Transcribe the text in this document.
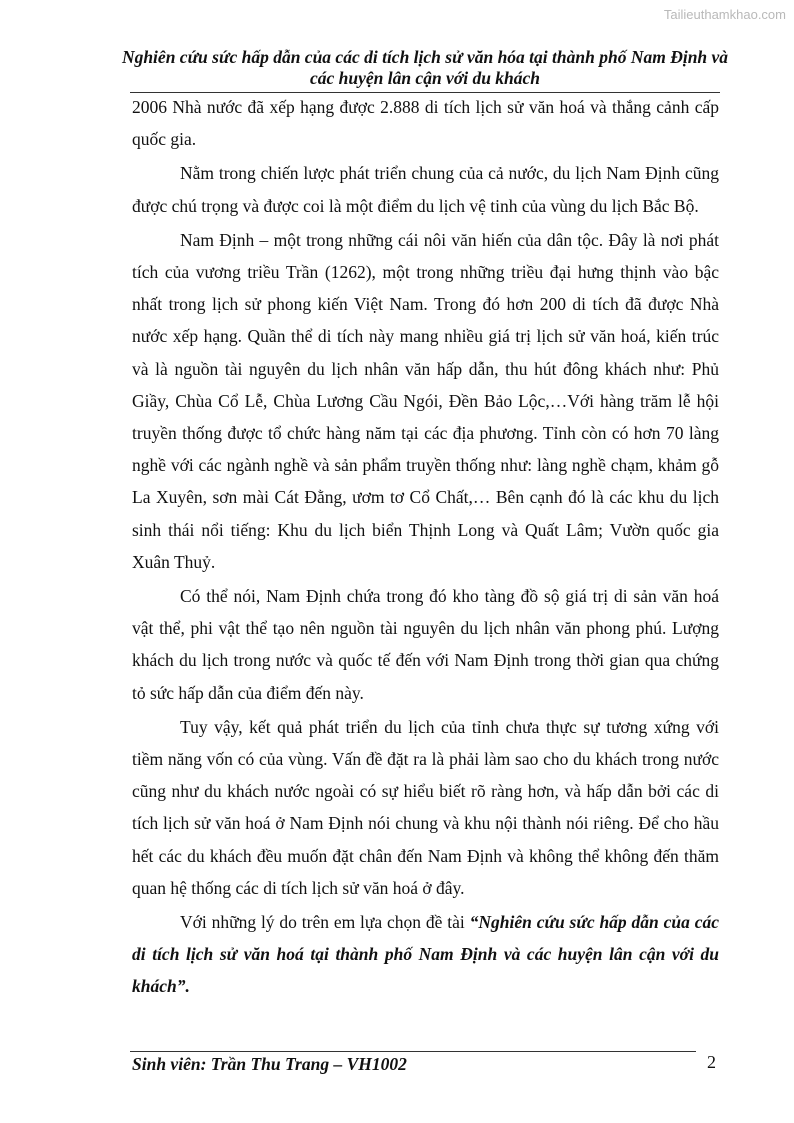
Tailieuthamkhao.com
Nghiên cứu sức hấp dẫn của các di tích lịch sử văn hóa tại thành phố Nam Định và các huyện lân cận với du khách

2006 Nhà nước đã xếp hạng được 2.888 di tích lịch sử văn hoá và thắng cảnh cấp quốc gia.

Nằm trong chiến lược phát triển chung của cả nước, du lịch Nam Định cũng được chú trọng và được coi là một điểm du lịch vệ tinh của vùng du lịch Bắc Bộ.

Nam Định – một trong những cái nôi văn hiến của dân tộc. Đây là nơi phát tích của vương triều Trần (1262), một trong những triều đại hưng thịnh vào bậc nhất trong lịch sử phong kiến Việt Nam. Trong đó hơn 200 di tích đã được Nhà nước xếp hạng. Quần thể di tích này mang nhiều giá trị lịch sử văn hoá, kiến trúc và là nguồn tài nguyên du lịch nhân văn hấp dẫn, thu hút đông khách như: Phủ Giầy, Chùa Cổ Lễ, Chùa Lương Cầu Ngói, Đền Bảo Lộc,…Với hàng trăm lễ hội truyền thống được tổ chức hàng năm tại các địa phương. Tỉnh còn có hơn 70 làng nghề với các ngành nghề và sản phẩm truyền thống như: làng nghề chạm, khảm gỗ La Xuyên, sơn mài Cát Đằng, ươm tơ Cổ Chất,… Bên cạnh đó là các khu du lịch sinh thái nổi tiếng: Khu du lịch biển Thịnh Long và Quất Lâm; Vườn quốc gia Xuân Thuỷ.

Có thể nói, Nam Định chứa trong đó kho tàng đồ sộ giá trị di sản văn hoá vật thể, phi vật thể tạo nên nguồn tài nguyên du lịch nhân văn phong phú. Lượng khách du lịch trong nước và quốc tế đến với Nam Định trong thời gian qua chứng tỏ sức hấp dẫn của điểm đến này.

Tuy vậy, kết quả phát triển du lịch của tỉnh chưa thực sự tương xứng với tiềm năng vốn có của vùng. Vấn đề đặt ra là phải làm sao cho du khách trong nước cũng như du khách nước ngoài có sự hiểu biết rõ ràng hơn, và hấp dẫn bởi các di tích lịch sử văn hoá ở Nam Định nói chung và khu nội thành nói riêng. Để cho hầu hết các du khách đều muốn đặt chân đến Nam Định và không thể không đến thăm quan hệ thống các di tích lịch sử văn hoá ở đây.

Với những lý do trên em lựa chọn đề tài “Nghiên cứu sức hấp dẫn của các di tích lịch sử văn hoá tại thành phố Nam Định và các huyện lân cận với du khách”.

Sinh viên: Trần Thu Trang – VH1002	2
